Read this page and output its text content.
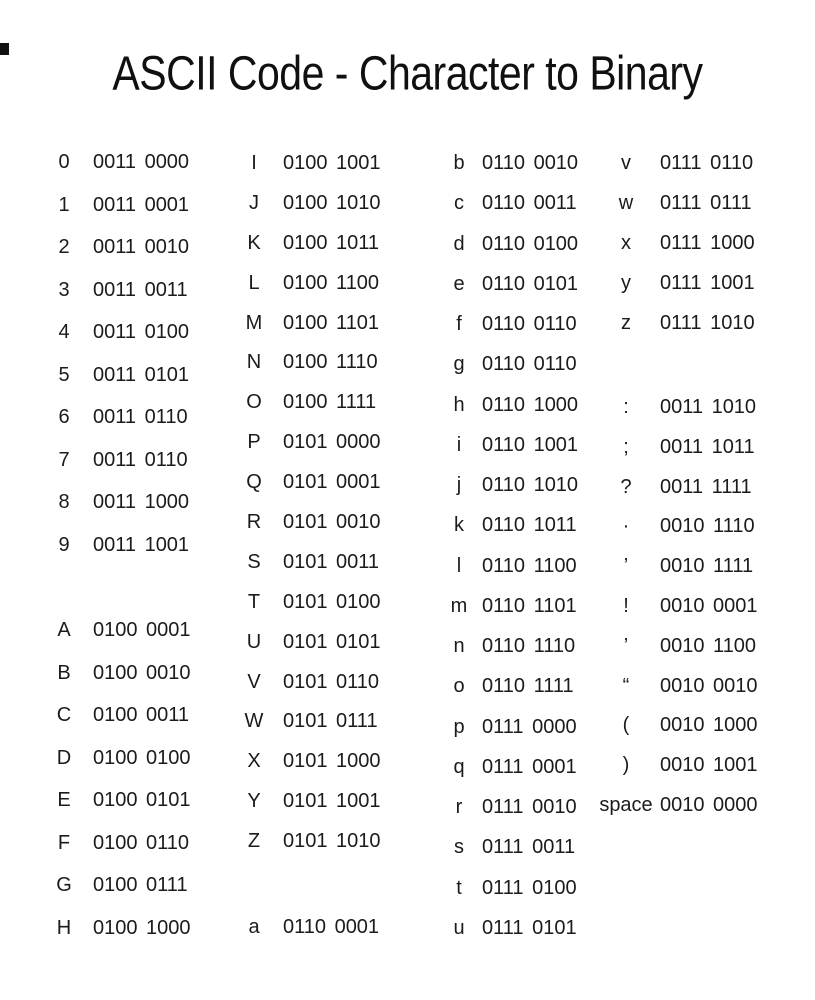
ASCII Code - Character to Binary
0	0011 0000
1	0011 0001
2	0011 0010
3	0011 0011
4	0011 0100
5	0011 0101
6	0011 0110
7	0011 0110
8	0011 1000
9	0011 1001
A	0100 0001
B	0100 0010
C	0100 0011
D	0100 0100
E	0100 0101
F	0100 0110
G	0100 0111
H	0100 1000
I	0100 1001
J	0100 1010
K	0100 1011
L	0100 1100
M 0100 1101
N	0100 1110
O	0100 1111
P	0101 0000
Q	0101 0001
R	0101 0010
S	0101 0011
T	0101 0100
U	0101 0101
V	0101 0110
W 0101 0111
X	0101 1000
Y	0101 1001
Z	0101 1010
a	0110 0001
b 0110 0010
c 0110 0011
d 0110 0100
e 0110 0101
f	0110 0110
g 0110 0110
h 0110 1000
i	0110 1001
j	0110 1010
k 0110 1011
l	0110 1100
m 0110 1101
n 0110 1110
o 0110 1111
p 0111 0000
q 0111 0001
r 0111 0010
s 0111 0011
t	0111 0100
u 0111 0101
v	0111 0110
w	0111 0111
x	0111 1000
y	0111 1001
z	0111 1010
:	0011 1010
;	0011 1011
?	0011 1111
·	0010 1110
’	0010 1111
!	0010 0001
’	0010 1100
“	0010 0010
(	0010 1000
)	0010 1001
space 0010 0000
